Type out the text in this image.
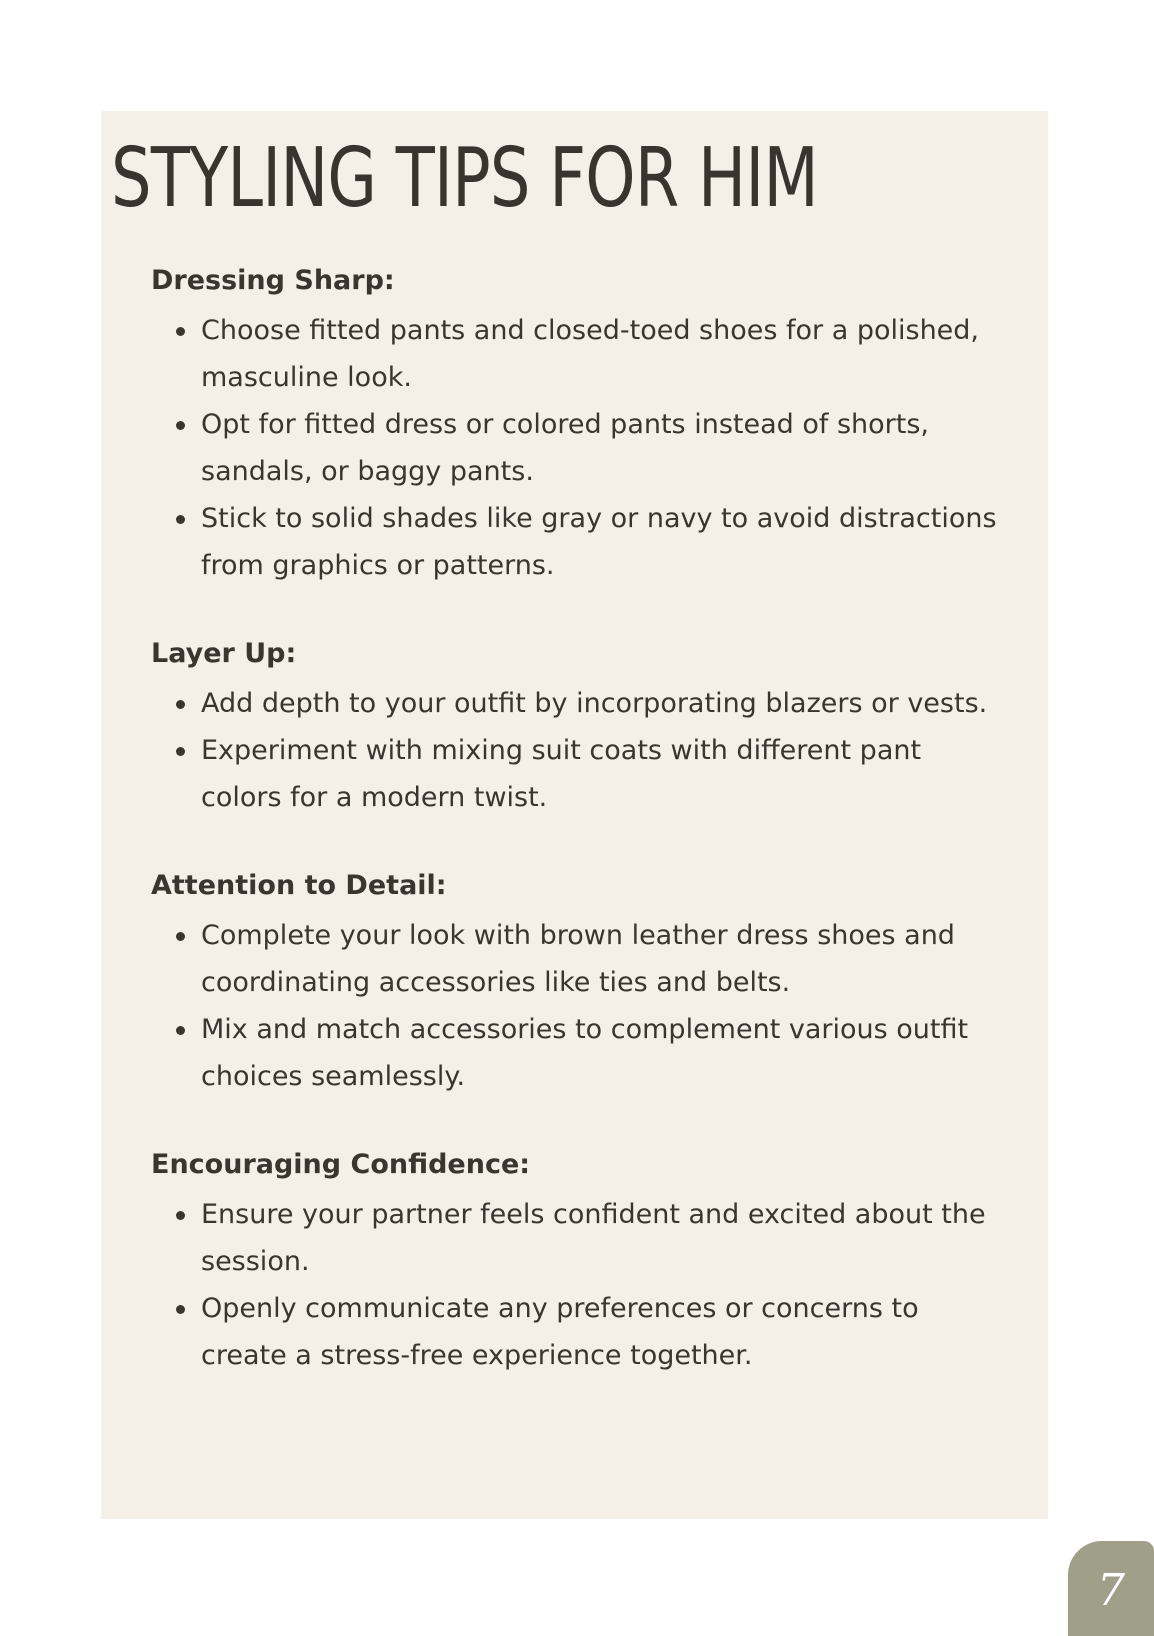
STYLING TIPS FOR HIM
Dressing Sharp:
Choose fitted pants and closed-toed shoes for a polished, masculine look.
Opt for fitted dress or colored pants instead of shorts, sandals, or baggy pants.
Stick to solid shades like gray or navy to avoid distractions from graphics or patterns.
Layer Up:
Add depth to your outfit by incorporating blazers or vests.
Experiment with mixing suit coats with different pant colors for a modern twist.
Attention to Detail:
Complete your look with brown leather dress shoes and coordinating accessories like ties and belts.
Mix and match accessories to complement various outfit choices seamlessly.
Encouraging Confidence:
Ensure your partner feels confident and excited about the session.
Openly communicate any preferences or concerns to create a stress-free experience together.
7
